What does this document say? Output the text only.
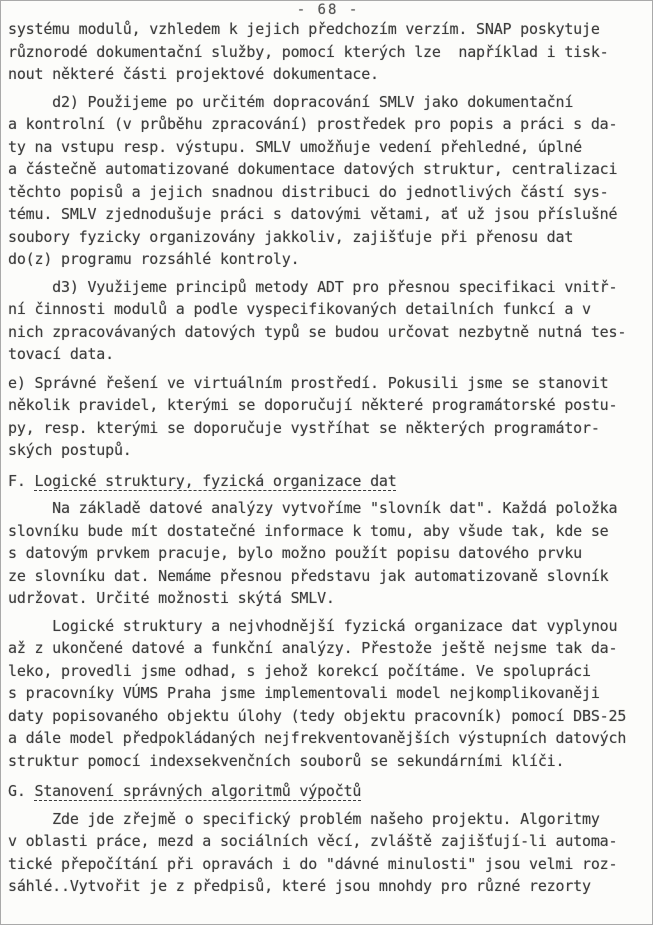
- 68 -
systému modulů, vzhledem k jejich předchozím verzím. SNAP poskytuje
různorodé dokumentační služby, pomocí kterých lze  například i tisk-
nout některé části projektové dokumentace.
d2) Použijeme po určitém dopracování SMLV jako dokumentační
a kontrolní (v průběhu zpracování) prostředek pro popis a práci s da-
ty na vstupu resp. výstupu. SMLV umožňuje vedení přehledné, úplné
a částečně automatizované dokumentace datových struktur, centralizaci
těchto popisů a jejich snadnou distribuci do jednotlivých částí sys-
tému. SMLV zjednodušuje práci s datovými větami, ať už jsou příslušné
soubory fyzicky organizovány jakkoliv, zajišťuje při přenosu dat
do(z) programu rozsáhlé kontroly.
d3) Využijeme principů metody ADT pro přesnou specifikaci vnitř-
ní činnosti modulů a podle vyspecifikovaných detailních funkcí a v
nich zpracovávaných datových typů se budou určovat nezbytně nutná tes-
tovací data.
e) Správné řešení ve virtuálním prostředí. Pokusili jsme se stanovit
několik pravidel, kterými se doporučují některé programátorské postu-
py, resp. kterými se doporučuje vystříhat se některých programátor-
ských postupů.
F. Logické struktury, fyzická organizace dat
Na základě datové analýzy vytvoříme "slovník dat". Každá položka
slovníku bude mít dostatečné informace k tomu, aby všude tak, kde se
s datovým prvkem pracuje, bylo možno použít popisu datového prvku
ze slovníku dat. Nemáme přesnou představu jak automatizovaně slovník
udržovat. Určité možnosti skýtá SMLV.
Logické struktury a nejvhodnější fyzická organizace dat vyplynou
až z ukončené datové a funkční analýzy. Přestože ještě nejsme tak da-
leko, provedli jsme odhad, s jehož korekcí počítáme. Ve spolupráci
s pracovníky VÚMS Praha jsme implementovali model nejkomplikovaněji
daty popisovaného objektu úlohy (tedy objektu pracovník) pomocí DBS-25
a dále model předpokládaných nejfrekventovanějších výstupních datových
struktur pomocí indexsekvenčních souborů se sekundárními klíči.
G. Stanovení správných algoritmů výpočtů
Zde jde zřejmě o specifický problém našeho projektu. Algoritmy
v oblasti práce, mezd a sociálních věcí, zvláště zajišťují-li automa-
tické přepočítání při opravách i do "dávné minulosti" jsou velmi roz-
sáhlé..Vytvořit je z předpisů, které jsou mnohdy pro různé rezorty
